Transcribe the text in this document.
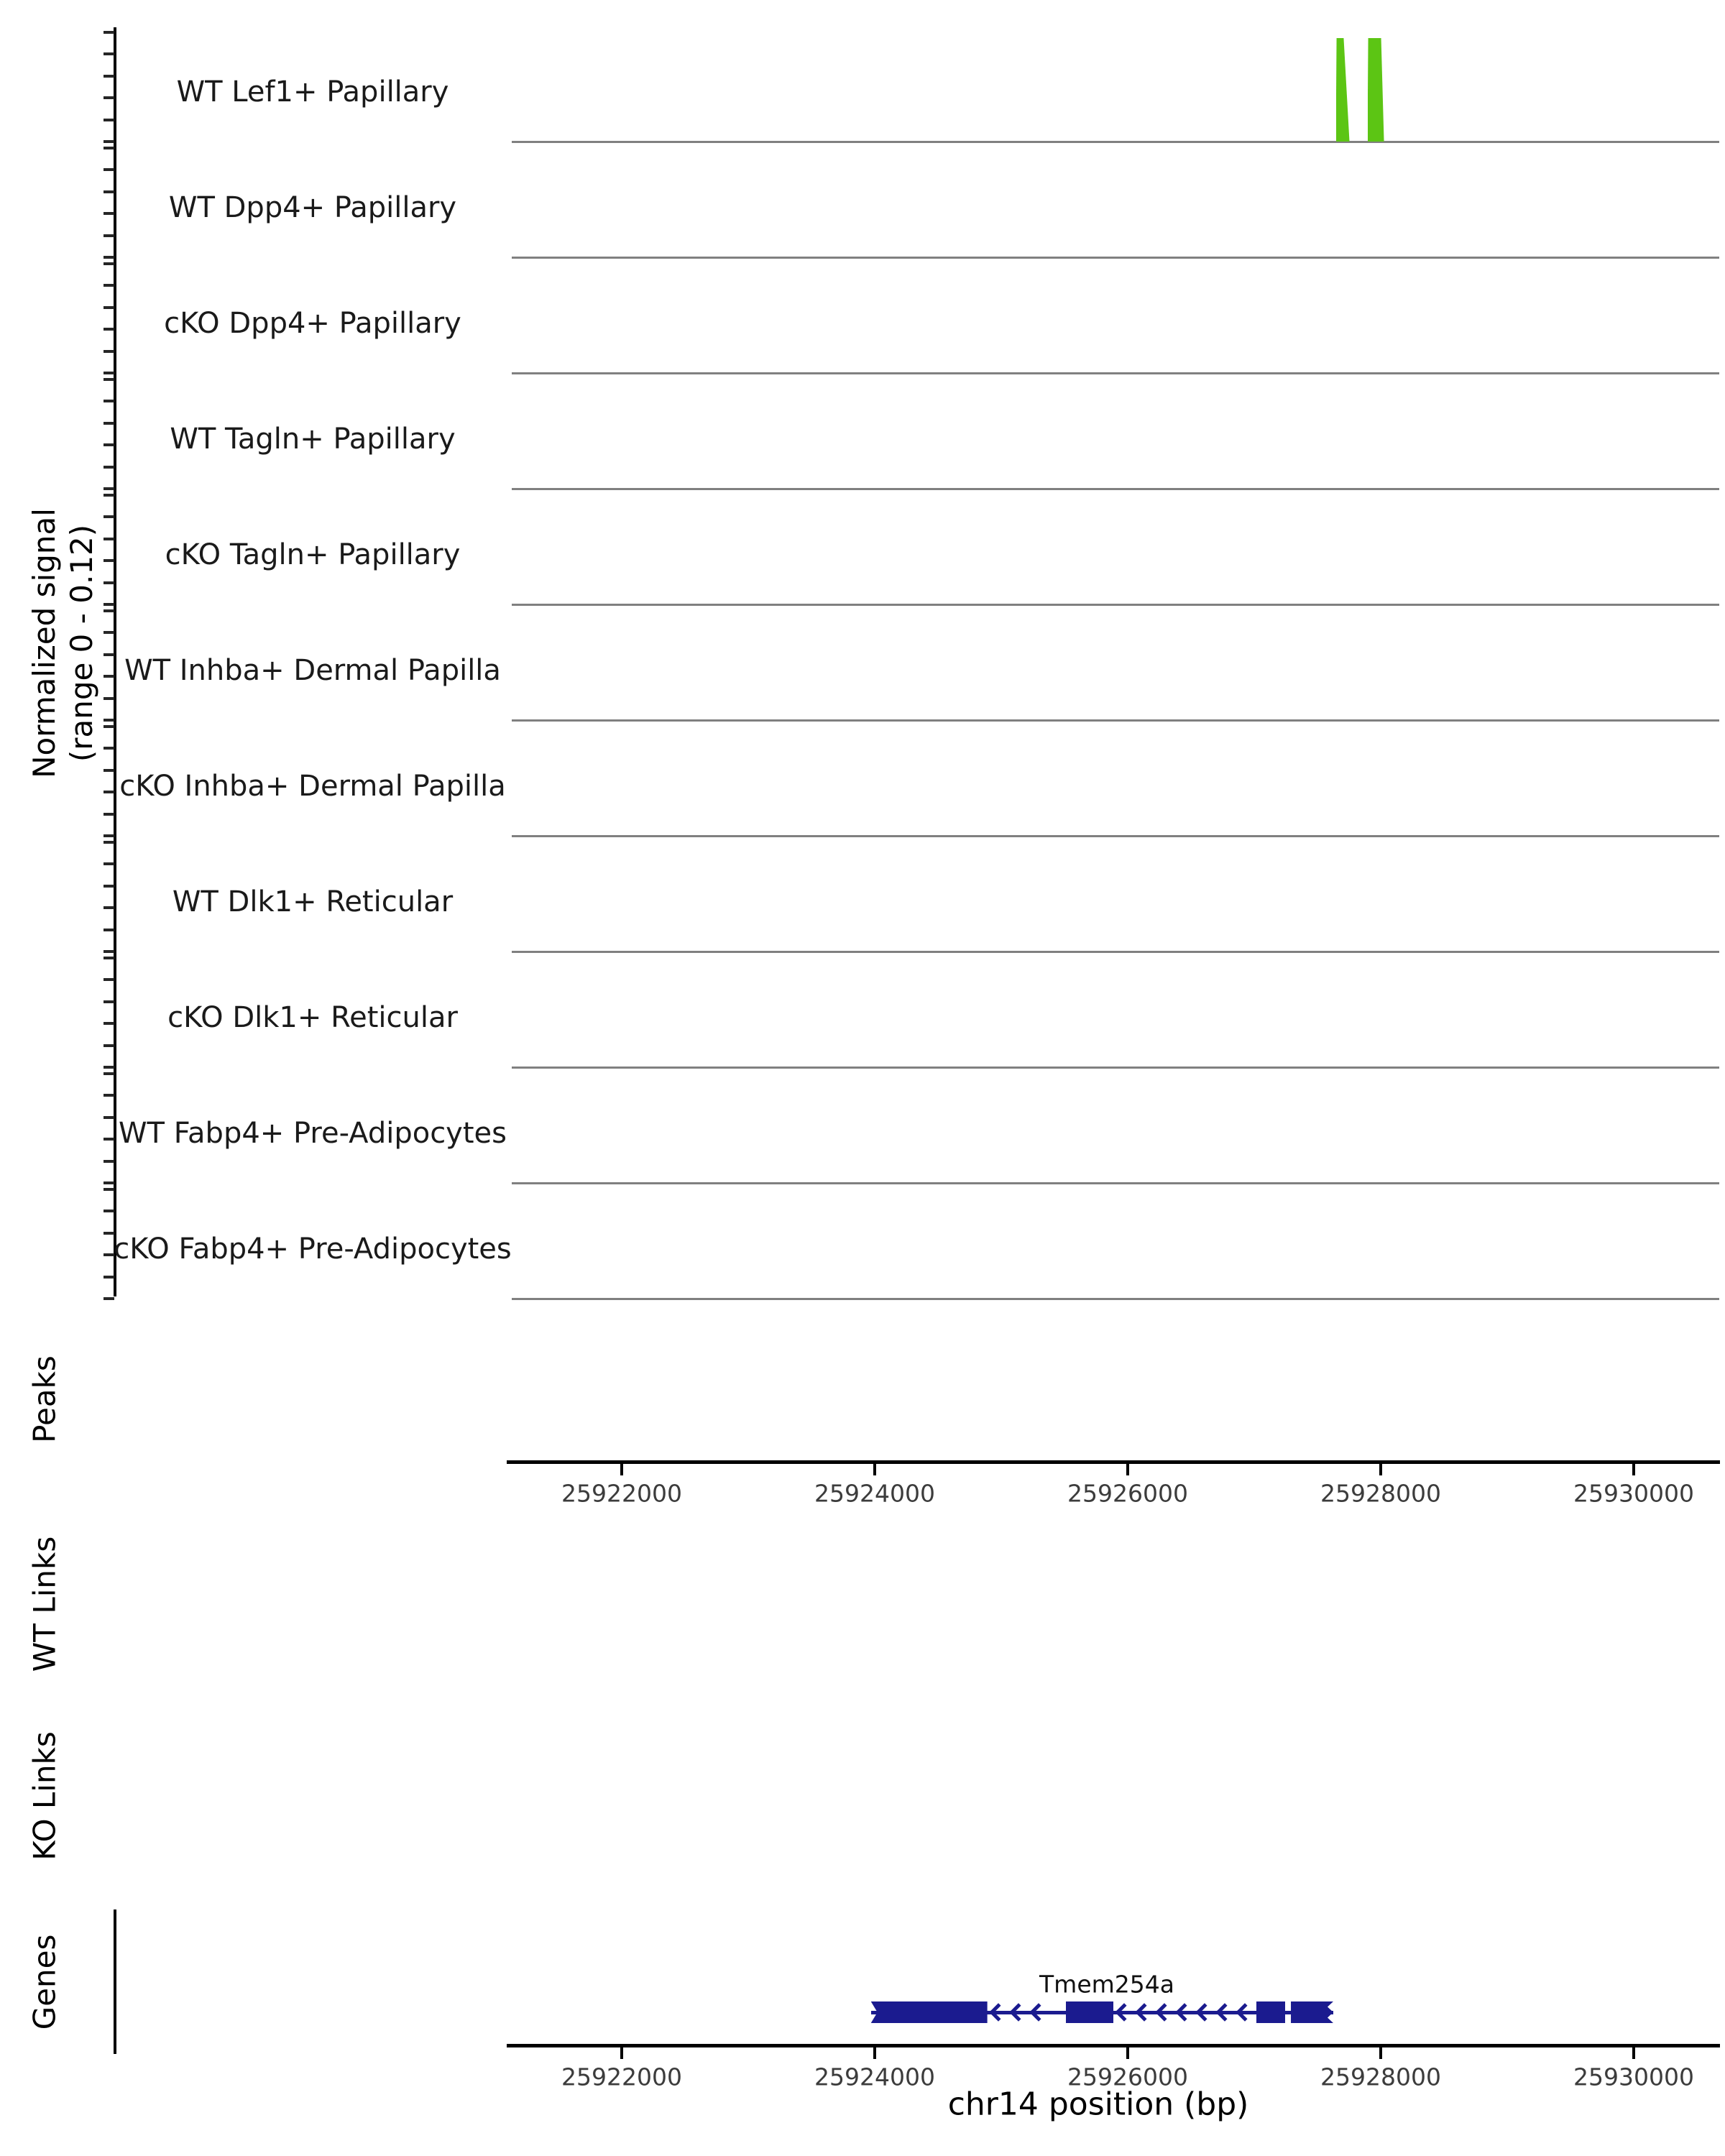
Normalized signal (range 0 - 0.12)
WT Lef1+ Papillary
WT Dpp4+ Papillary
cKO Dpp4+ Papillary
WT Tagln+ Papillary
cKO Tagln+ Papillary
WT Inhba+ Dermal Papilla
cKO Inhba+ Dermal Papilla
WT Dlk1+ Reticular
cKO Dlk1+ Reticular
WT Fabp4+ Pre-Adipocytes
cKO Fabp4+ Pre-Adipocytes
Peaks
WT Links
KO Links
Genes
25922000	25924000	25926000	25928000	25930000
Tmem254a
25922000	25924000	25926000	25928000	25930000
chr14 position (bp)
